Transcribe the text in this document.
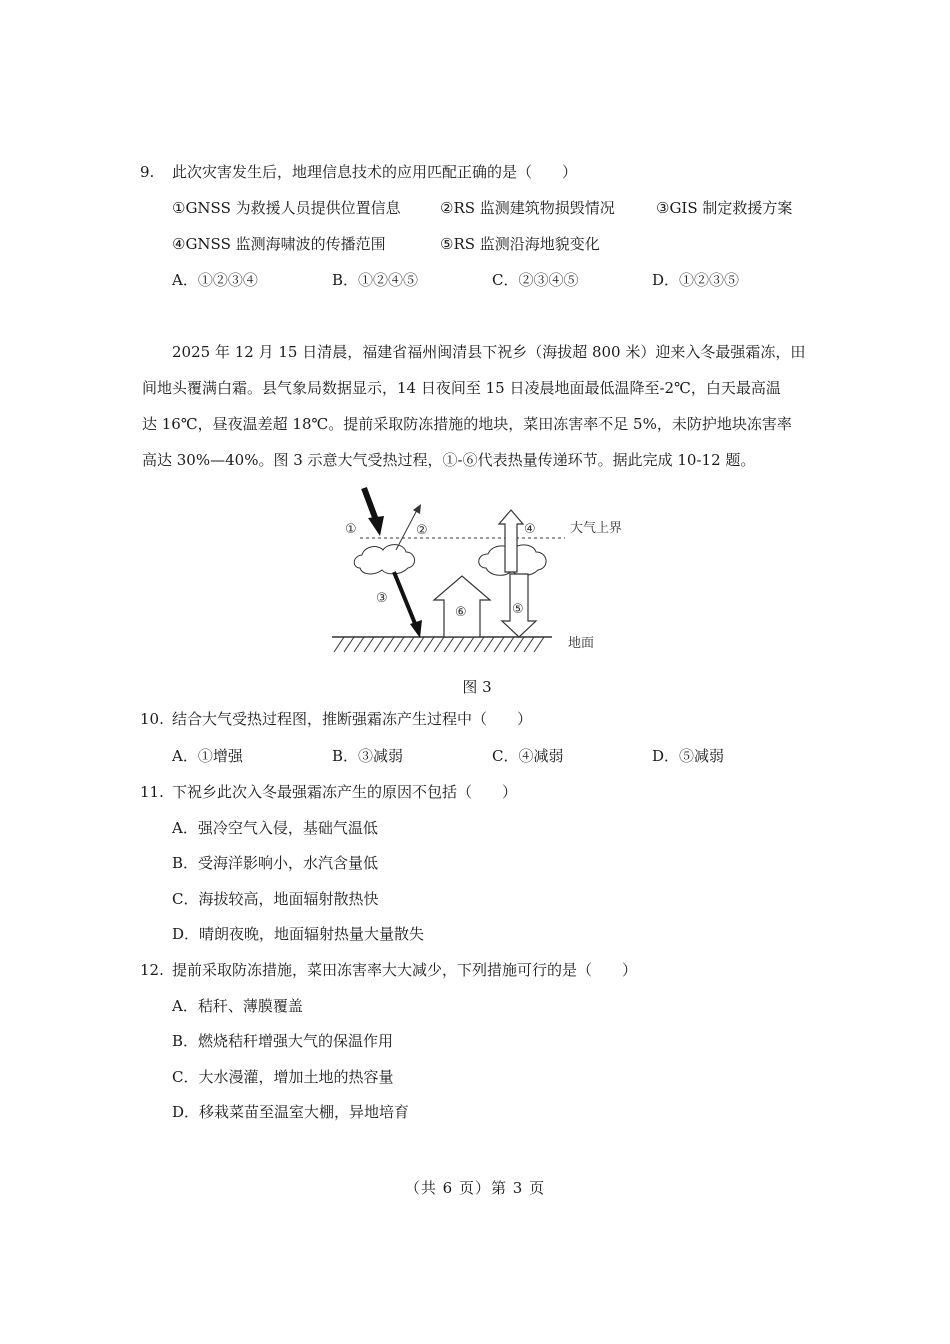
9. 此次灾害发生后，地理信息技术的应用匹配正确的是（　　）
①GNSS 为救援人员提供位置信息	②RS 监测建筑物损毁情况	③GIS 制定救援方案
④GNSS 监测海啸波的传播范围	⑤RS 监测沿海地貌变化
A．①②③④	B．①②④⑤	C．②③④⑤	D．①②③⑤
2025 年 12 月 15 日清晨，福建省福州闽清县下祝乡（海拔超 800 米）迎来入冬最强霜冻，田
间地头覆满白霜。县气象局数据显示，14 日夜间至 15 日凌晨地面最低温降至-2℃，白天最高温
达 16℃，昼夜温差超 18℃。提前采取防冻措施的地块，菜田冻害率不足 5%，未防护地块冻害率
高达 30%—40%。图 3 示意大气受热过程，①-⑥代表热量传递环节。据此完成 10-12 题。
①	②
③
④
⑤
⑥
大气上界
地面
图 3
10. 结合大气受热过程图，推断强霜冻产生过程中（　　）
A．①增强	B．③减弱	C．④减弱	D．⑤减弱
11. 下祝乡此次入冬最强霜冻产生的原因不包括（　　）
A．强冷空气入侵，基础气温低
B．受海洋影响小，水汽含量低
C．海拔较高，地面辐射散热快
D．晴朗夜晚，地面辐射热量大量散失
12. 提前采取防冻措施，菜田冻害率大大减少，下列措施可行的是（　　）
A．秸秆、薄膜覆盖
B．燃烧秸秆增强大气的保温作用
C．大水漫灌，增加土地的热容量
D．移栽菜苗至温室大棚，异地培育
（共 6 页）第 3 页
